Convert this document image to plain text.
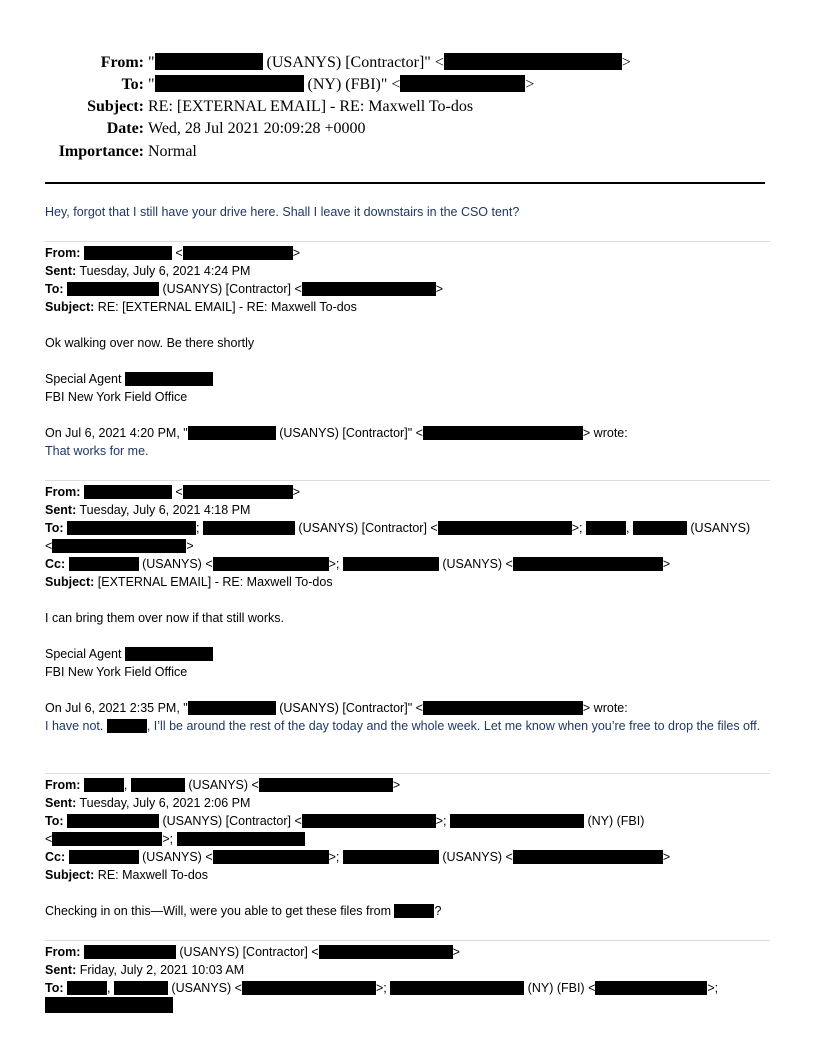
From: "	(USANYS) [Contractor]" <	>
To: "	(NY) (FBI)" <	>
Subject: RE: [EXTERNAL EMAIL] - RE: Maxwell To-dos
Date: Wed, 28 Jul 2021 20:09:28 +0000
Importance: Normal
Hey, forgot that I still have your drive here. Shall I leave it downstairs in the CSO tent?
From:	<	>
Sent: Tuesday, July 6, 2021 4:24 PM
To:	(USANYS) [Contractor] <	>
Subject: RE: [EXTERNAL EMAIL] - RE: Maxwell To-dos
Ok walking over now. Be there shortly
Special Agent
FBI New York Field Office
On Jul 6, 2021 4:20 PM, "	(USANYS) [Contractor]" <	> wrote:
That works for me.
From:	<	>
Sent: Tuesday, July 6, 2021 4:18 PM
To:	;	(USANYS) [Contractor] <	>;	,	(USANYS)
<	>
Cc:	(USANYS) <	>;	(USANYS) <	>
Subject: [EXTERNAL EMAIL] - RE: Maxwell To-dos
I can bring them over now if that still works.
Special Agent
FBI New York Field Office
On Jul 6, 2021 2:35 PM, "	(USANYS) [Contractor]" <	> wrote:
I have not.	, I’ll be around the rest of the day today and the whole week. Let me know when you’re free to drop the files off.
From:	,	(USANYS) <	>
Sent: Tuesday, July 6, 2021 2:06 PM
To:	(USANYS) [Contractor] <	>;	(NY) (FBI)
<	>;
Cc:	(USANYS) <	>;	(USANYS) <	>
Subject: RE: Maxwell To-dos
Checking in on this—Will, were you able to get these files from	?
From:	(USANYS) [Contractor] <	>
Sent: Friday, July 2, 2021 10:03 AM
To:	,	(USANYS) <	>;	(NY) (FBI) <	>;
